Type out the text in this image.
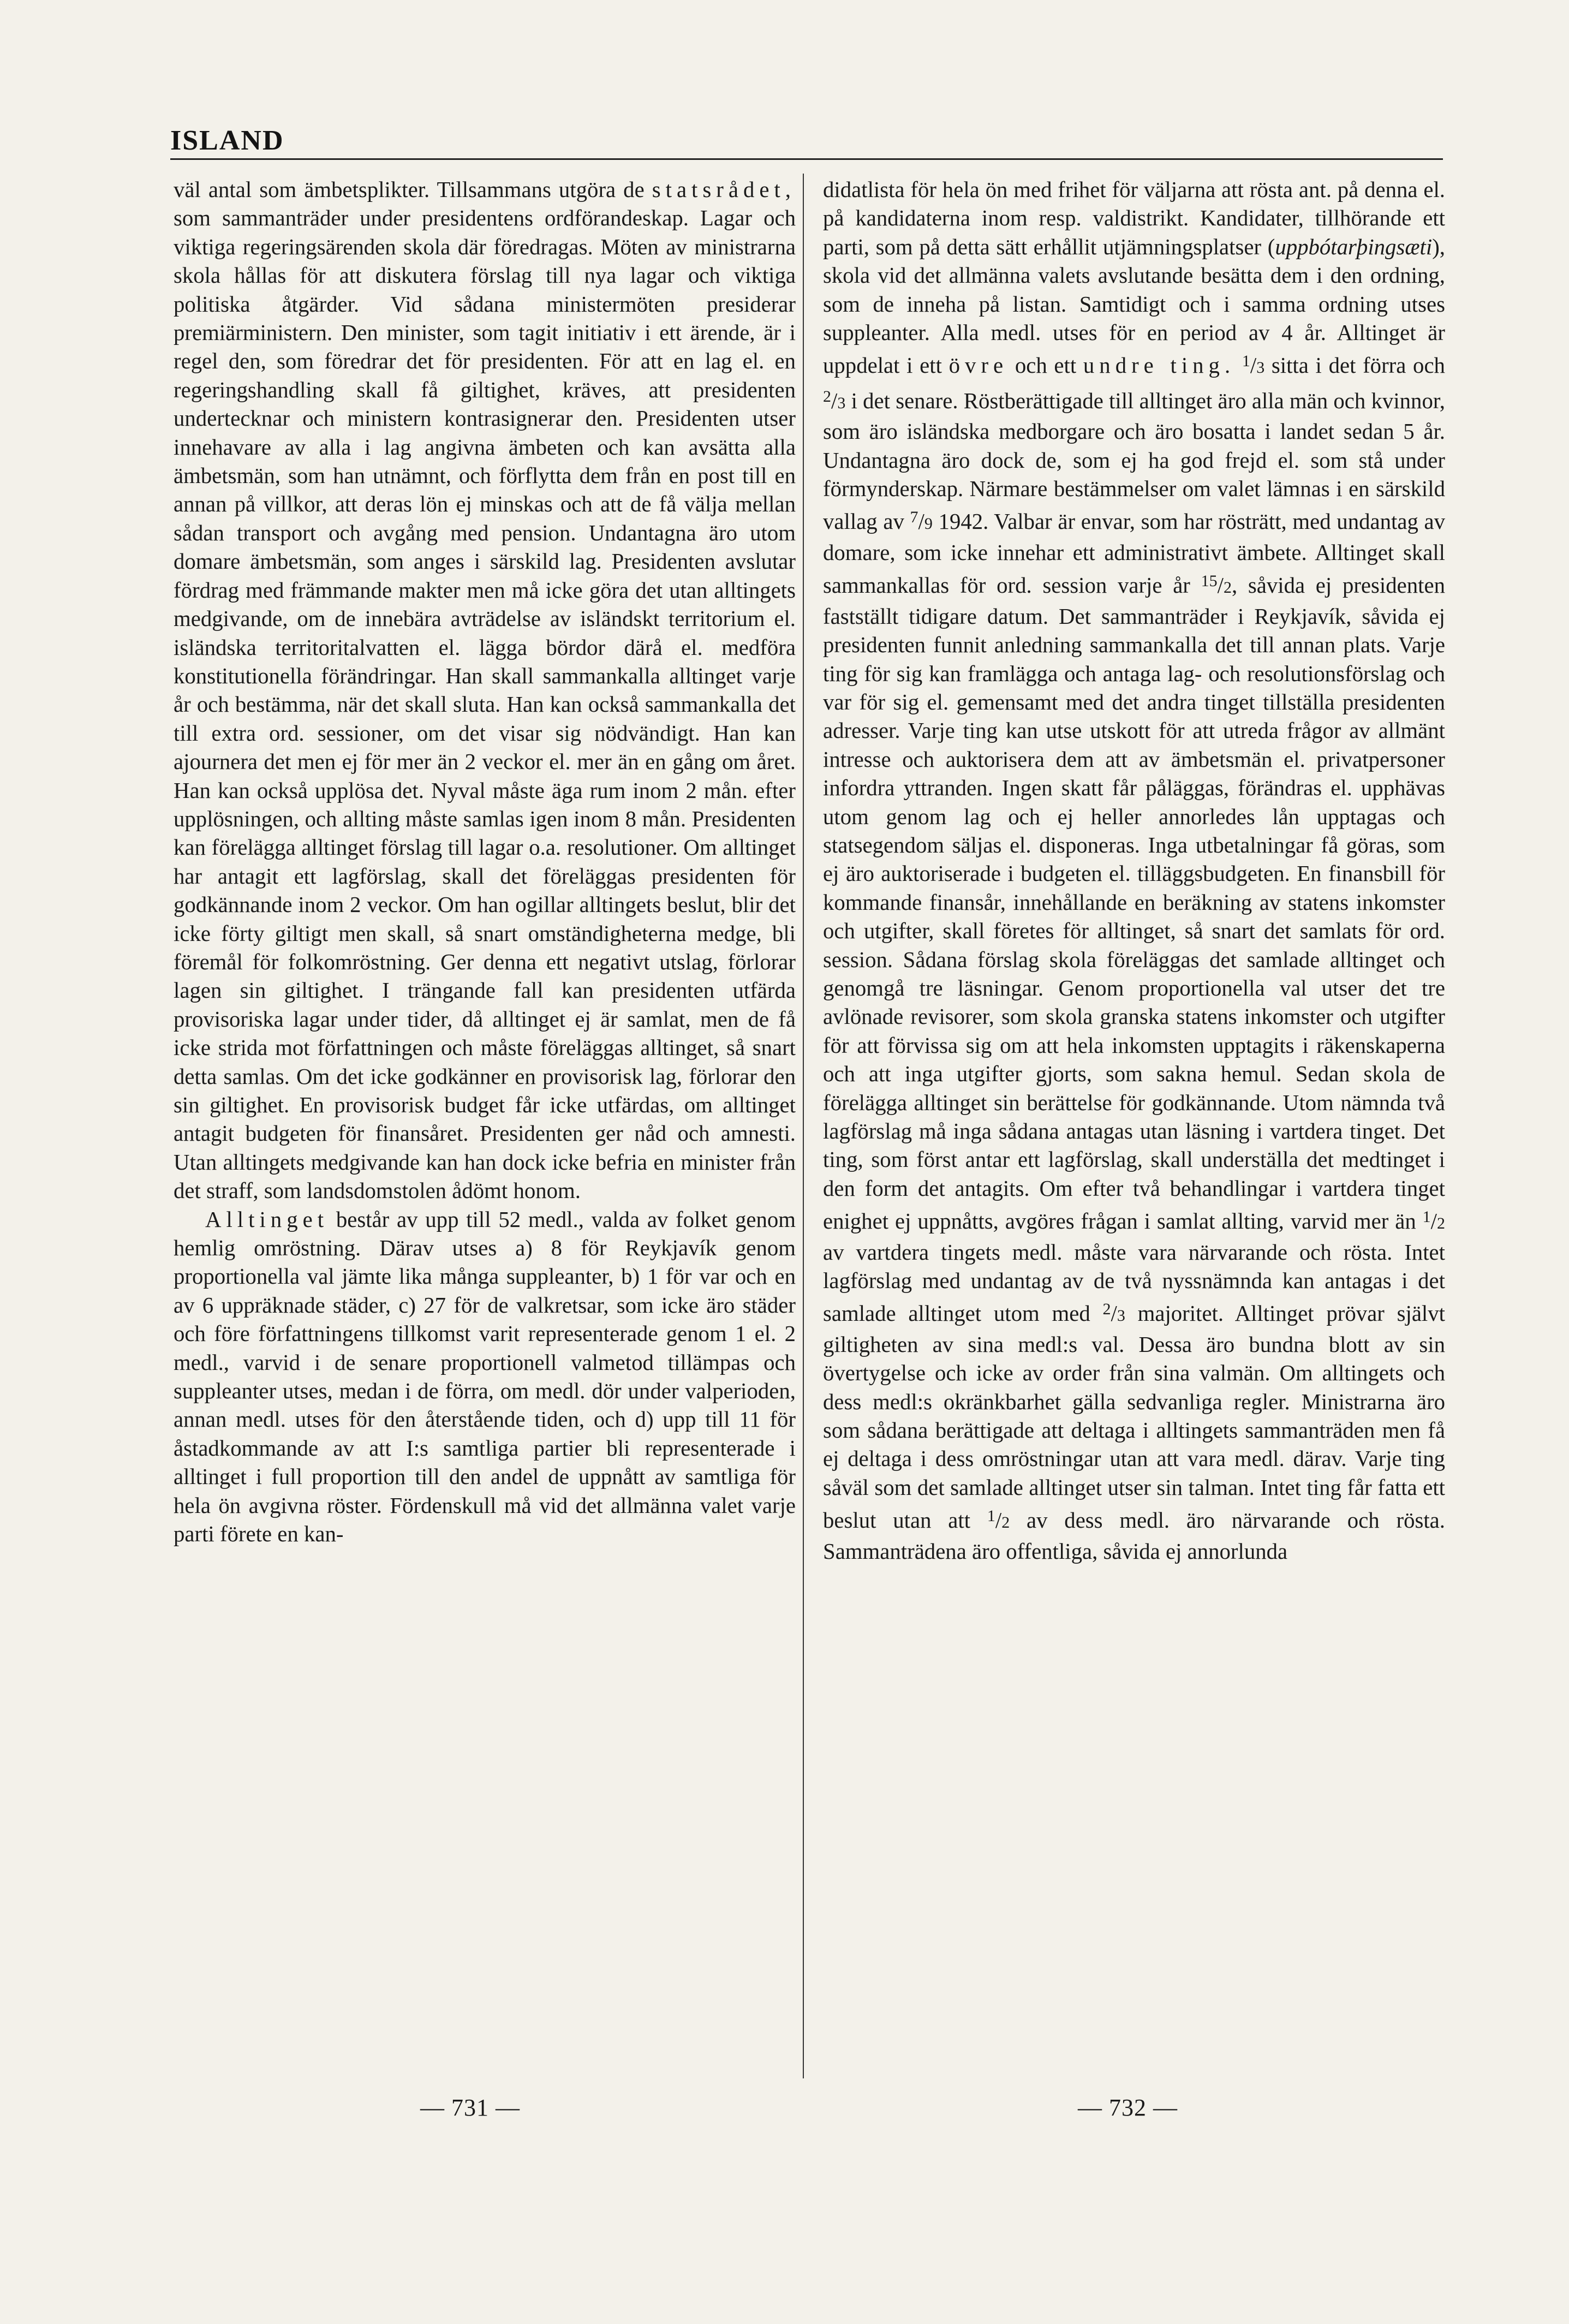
ISLAND

väl antal som ämbetsplikter. Tillsammans utgöra de statsrådet, som sammanträder under presidentens ordförandeskap. Lagar och viktiga regeringsärenden skola där föredragas. Möten av ministrarna skola hållas för att diskutera förslag till nya lagar och viktiga politiska åtgärder. Vid sådana ministermöten presiderar premiärministern. Den minister, som tagit initiativ i ett ärende, är i regel den, som föredrar det för presidenten. För att en lag el. en regeringshandling skall få giltighet, kräves, att presidenten undertecknar och ministern kontrasignerar den. Presidenten utser innehavare av alla i lag angivna ämbeten och kan avsätta alla ämbetsmän, som han utnämnt, och förflytta dem från en post till en annan på villkor, att deras lön ej minskas och att de få välja mellan sådan transport och avgång med pension. Undantagna äro utom domare ämbetsmän, som anges i särskild lag. Presidenten avslutar fördrag med främmande makter men må icke göra det utan alltingets medgivande, om de innebära avträdelse av isländskt territorium el. isländska territoritalvatten el. lägga bördor därå el. medföra konstitutionella förändringar. Han skall sammankalla alltinget varje år och bestämma, när det skall sluta. Han kan också sammankalla det till extra ord. sessioner, om det visar sig nödvändigt. Han kan ajournera det men ej för mer än 2 veckor el. mer än en gång om året. Han kan också upplösa det. Nyval måste äga rum inom 2 mån. efter upplösningen, och allting måste samlas igen inom 8 mån. Presidenten kan förelägga alltinget förslag till lagar o.a. resolutioner. Om alltinget har antagit ett lagförslag, skall det föreläggas presidenten för godkännande inom 2 veckor. Om han ogillar alltingets beslut, blir det icke förty giltigt men skall, så snart omständigheterna medge, bli föremål för folkomröstning. Ger denna ett negativt utslag, förlorar lagen sin giltighet. I trängande fall kan presidenten utfärda provisoriska lagar under tider, då alltinget ej är samlat, men de få icke strida mot författningen och måste föreläggas alltinget, så snart detta samlas. Om det icke godkänner en provisorisk lag, förlorar den sin giltighet. En provisorisk budget får icke utfärdas, om alltinget antagit budgeten för finansåret. Presidenten ger nåd och amnesti. Utan alltingets medgivande kan han dock icke befria en minister från det straff, som landsdomstolen ådömt honom.

Alltinget består av upp till 52 medl., valda av folket genom hemlig omröstning. Därav utses a) 8 för Reykjavík genom proportionella val jämte lika många suppleanter, b) 1 för var och en av 6 uppräknade städer, c) 27 för de valkretsar, som icke äro städer och före författningens tillkomst varit representerade genom 1 el. 2 medl., varvid i de senare proportionell valmetod tillämpas och suppleanter utses, medan i de förra, om medl. dör under valperioden, annan medl. utses för den återstående tiden, och d) upp till 11 för åstadkommande av att I:s samtliga partier bli representerade i alltinget i full proportion till den andel de uppnått av samtliga för hela ön avgivna röster. Fördenskull må vid det allmänna valet varje parti förete en kan-

didatlista för hela ön med frihet för väljarna att rösta ant. på denna el. på kandidaterna inom resp. valdistrikt. Kandidater, tillhörande ett parti, som på detta sätt erhållit utjämningsplatser (uppbótarþingsæti), skola vid det allmänna valets avslutande besätta dem i den ordning, som de inneha på listan. Samtidigt och i samma ordning utses suppleanter. Alla medl. utses för en period av 4 år. Alltinget är uppdelat i ett övre och ett undre ting. $^1$/3 sitta i det förra och $^2$/3 i det senare. Röstberättigade till alltinget äro alla män och kvinnor, som äro isländska medborgare och äro bosatta i landet sedan 5 år. Undantagna äro dock de, som ej ha god frejd el. som stå under förmynderskap. Närmare bestämmelser om valet lämnas i en särskild vallag av $^7$/9 1942. Valbar är envar, som har rösträtt, med undantag av domare, som icke innehar ett administrativt ämbete. Alltinget skall sammankallas för ord. session varje år $^{15}$/2, såvida ej presidenten fastställt tidigare datum. Det sammanträder i Reykjavík, såvida ej presidenten funnit anledning sammankalla det till annan plats. Varje ting för sig kan framlägga och antaga lag- och resolutionsförslag och var för sig el. gemensamt med det andra tinget tillställa presidenten adresser. Varje ting kan utse utskott för att utreda frågor av allmänt intresse och auktorisera dem att av ämbetsmän el. privatpersoner infordra yttranden. Ingen skatt får påläggas, förändras el. upphävas utom genom lag och ej heller annorledes lån upptagas och statsegendom säljas el. disponeras. Inga utbetalningar få göras, som ej äro auktoriserade i budgeten el. tilläggsbudgeten. En finansbill för kommande finansår, innehållande en beräkning av statens inkomster och utgifter, skall företes för alltinget, så snart det samlats för ord. session. Sådana förslag skola föreläggas det samlade alltinget och genomgå tre läsningar. Genom proportionella val utser det tre avlönade revisorer, som skola granska statens inkomster och utgifter för att förvissa sig om att hela inkomsten upptagits i räkenskaperna och att inga utgifter gjorts, som sakna hemul. Sedan skola de förelägga alltinget sin berättelse för godkännande. Utom nämnda två lagförslag må inga sådana antagas utan läsning i vartdera tinget. Det ting, som först antar ett lagförslag, skall underställa det medtinget i den form det antagits. Om efter två behandlingar i vartdera tinget enighet ej uppnåtts, avgöres frågan i samlat allting, varvid mer än $^1$/2 av vartdera tingets medl. måste vara närvarande och rösta. Intet lagförslag med undantag av de två nyssnämnda kan antagas i det samlade alltinget utom med $^2$/3 majoritet. Alltinget prövar självt giltigheten av sina medl:s val. Dessa äro bundna blott av sin övertygelse och icke av order från sina valmän. Om alltingets och dess medl:s okränkbarhet gälla sedvanliga regler. Ministrarna äro som sådana berättigade att deltaga i alltingets sammanträden men få ej deltaga i dess omröstningar utan att vara medl. därav. Varje ting såväl som det samlade alltinget utser sin talman. Intet ting får fatta ett beslut utan att $^1$/2 av dess medl. äro närvarande och rösta. Sammanträdena äro offentliga, såvida ej annorlunda

— 731 —	— 732 —
